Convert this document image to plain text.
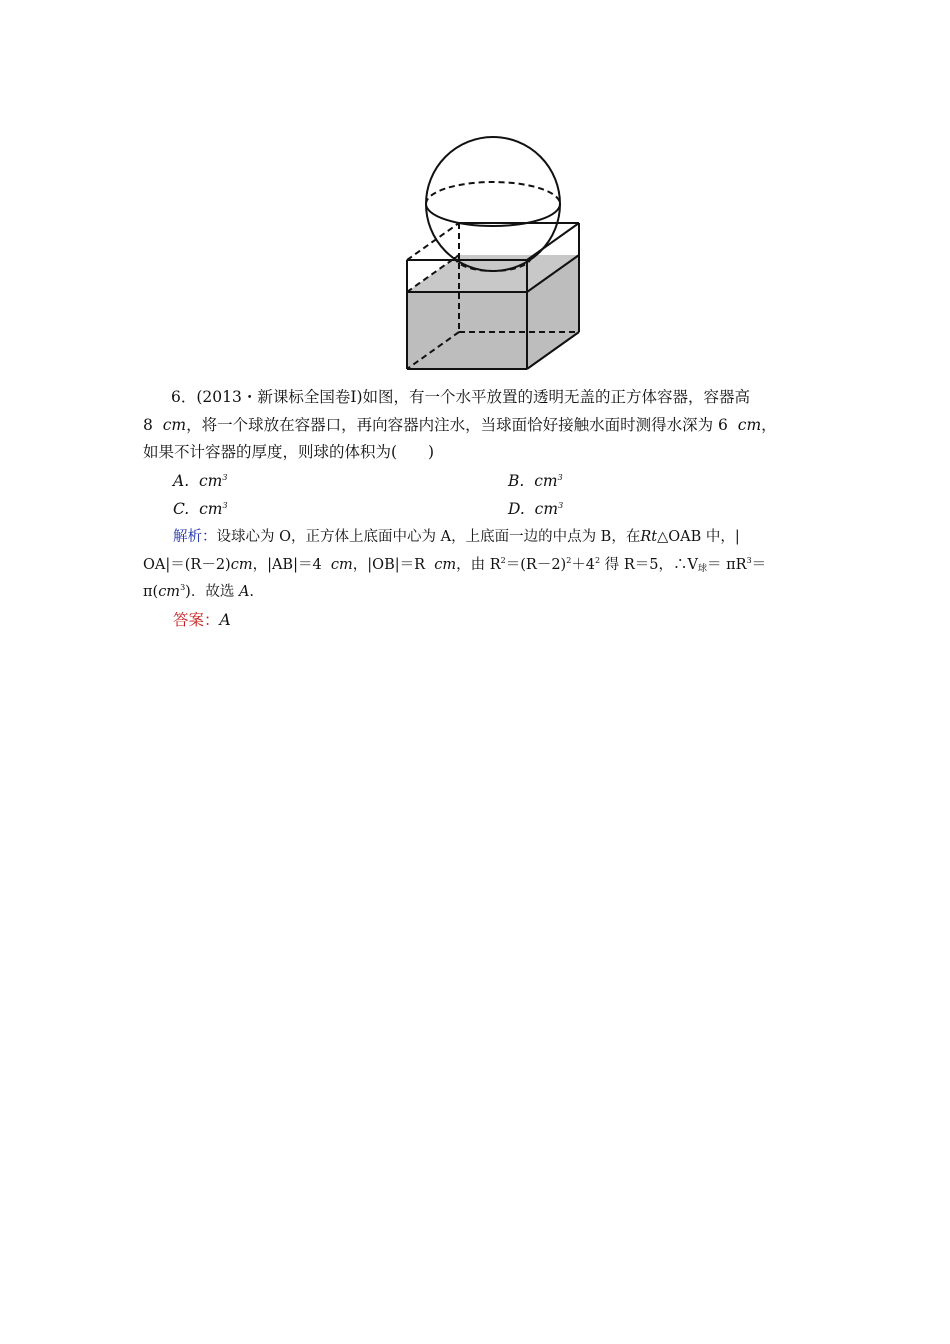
6．(2013・新课标全国卷Ⅰ)如图，有一个水平放置的透明无盖的正方体容器，容器高
8 cm，将一个球放在容器口，再向容器内注水，当球面恰好接触水面时测得水深为 6 cm，
如果不计容器的厚度，则球的体积为(　　)
A. $cm^3$	B. $cm^3$
C. $cm^3$	D. $cm^3$
解析：设球心为 O，正方体上底面中心为 A，上底面一边的中点为 B，在Rt△OAB 中，|
OA|＝(R－2)cm，|AB|＝4 cm，|OB|＝R cm，由 $R^2=(R-2)^2+4^2$ 得 R＝5，∴V球＝ $\pi R^3=$
$\pi(cm^3)$．故选 A.
答案：A
